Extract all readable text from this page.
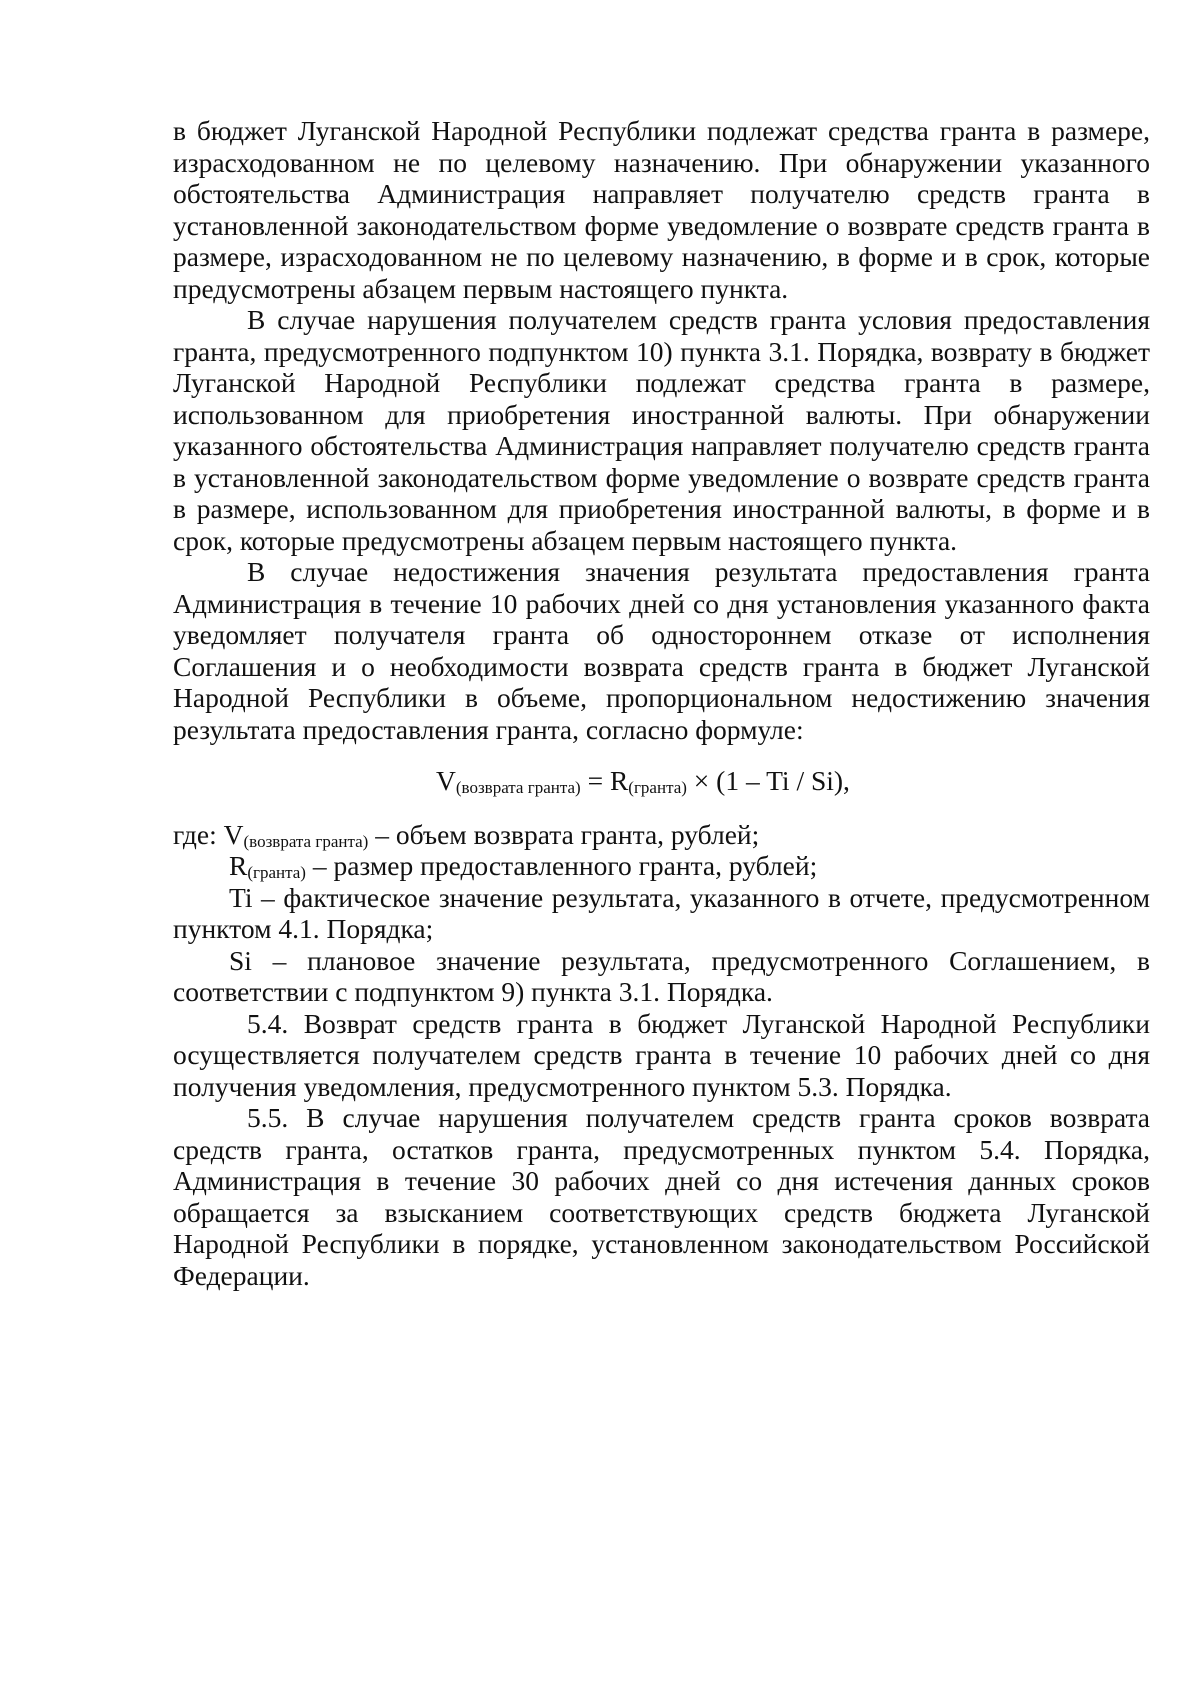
в бюджет Луганской Народной Республики подлежат средства гранта в размере, израсходованном не по целевому назначению. При обнаружении указанного обстоятельства Администрация направляет получателю средств гранта в установленной законодательством форме уведомление о возврате средств гранта в размере, израсходованном не по целевому назначению, в форме и в срок, которые предусмотрены абзацем первым настоящего пункта.

В случае нарушения получателем средств гранта условия предоставления гранта, предусмотренного подпунктом 10) пункта 3.1. Порядка, возврату в бюджет Луганской Народной Республики подлежат средства гранта в размере, использованном для приобретения иностранной валюты. При обнаружении указанного обстоятельства Администрация направляет получателю средств гранта в установленной законодательством форме уведомление о возврате средств гранта в размере, использованном для приобретения иностранной валюты, в форме и в срок, которые предусмотрены абзацем первым настоящего пункта.

В случае недостижения значения результата предоставления гранта Администрация в течение 10 рабочих дней со дня установления указанного факта уведомляет получателя гранта об одностороннем отказе от исполнения Соглашения и о необходимости возврата средств гранта в бюджет Луганской Народной Республики в объеме, пропорциональном недостижению значения результата предоставления гранта, согласно формуле:

V(возврата гранта) = R(гранта) × (1 – Ti / Si),

где: V(возврата гранта) – объем возврата гранта, рублей;

R(гранта) – размер предоставленного гранта, рублей;

Ti – фактическое значение результата, указанного в отчете, предусмотренном пунктом 4.1. Порядка;

Si – плановое значение результата, предусмотренного Соглашением, в соответствии с подпунктом 9) пункта 3.1. Порядка.

5.4. Возврат средств гранта в бюджет Луганской Народной Республики осуществляется получателем средств гранта в течение 10 рабочих дней со дня получения уведомления, предусмотренного пунктом 5.3. Порядка.

5.5. В случае нарушения получателем средств гранта сроков возврата средств гранта, остатков гранта, предусмотренных пунктом 5.4. Порядка, Администрация в течение 30 рабочих дней со дня истечения данных сроков обращается за взысканием соответствующих средств бюджета Луганской Народной Республики в порядке, установленном законодательством Российской Федерации.
